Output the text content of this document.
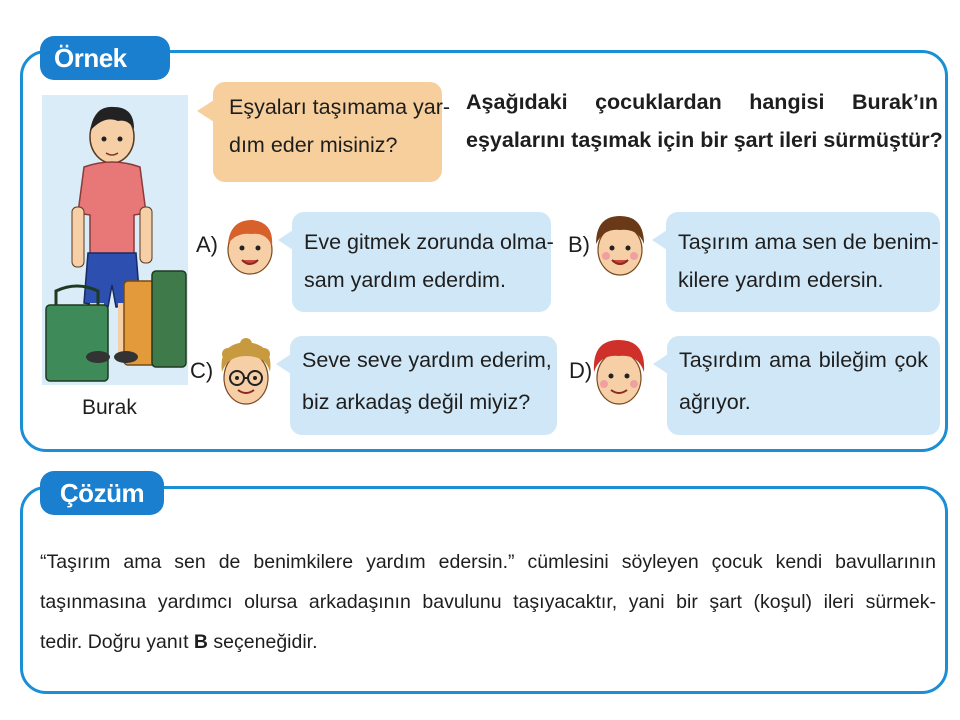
Örnek
Burak
Eşyaları taşımama yar-
dım eder misiniz?
Aşağıdaki çocuklardan hangisi Burak’ın
eşyalarını taşımak için bir şart ileri sürmüştür?
A)	Eve gitmek zorunda olma-
sam yardım ederdim.
B)	Taşırım ama sen de benim-
kilere yardım edersin.
C)	Seve seve yardım ederim,
biz arkadaş değil miyiz?
D)	Taşırdım ama bileğim çok
ağrıyor.
Çözüm
“Taşırım ama sen de benimkilere yardım edersin.” cümlesini söyleyen çocuk kendi bavullarının
taşınmasına yardımcı olursa arkadaşının bavulunu taşıyacaktır, yani bir şart (koşul) ileri sürmek-
tedir. Doğru yanıt B seçeneğidir.
